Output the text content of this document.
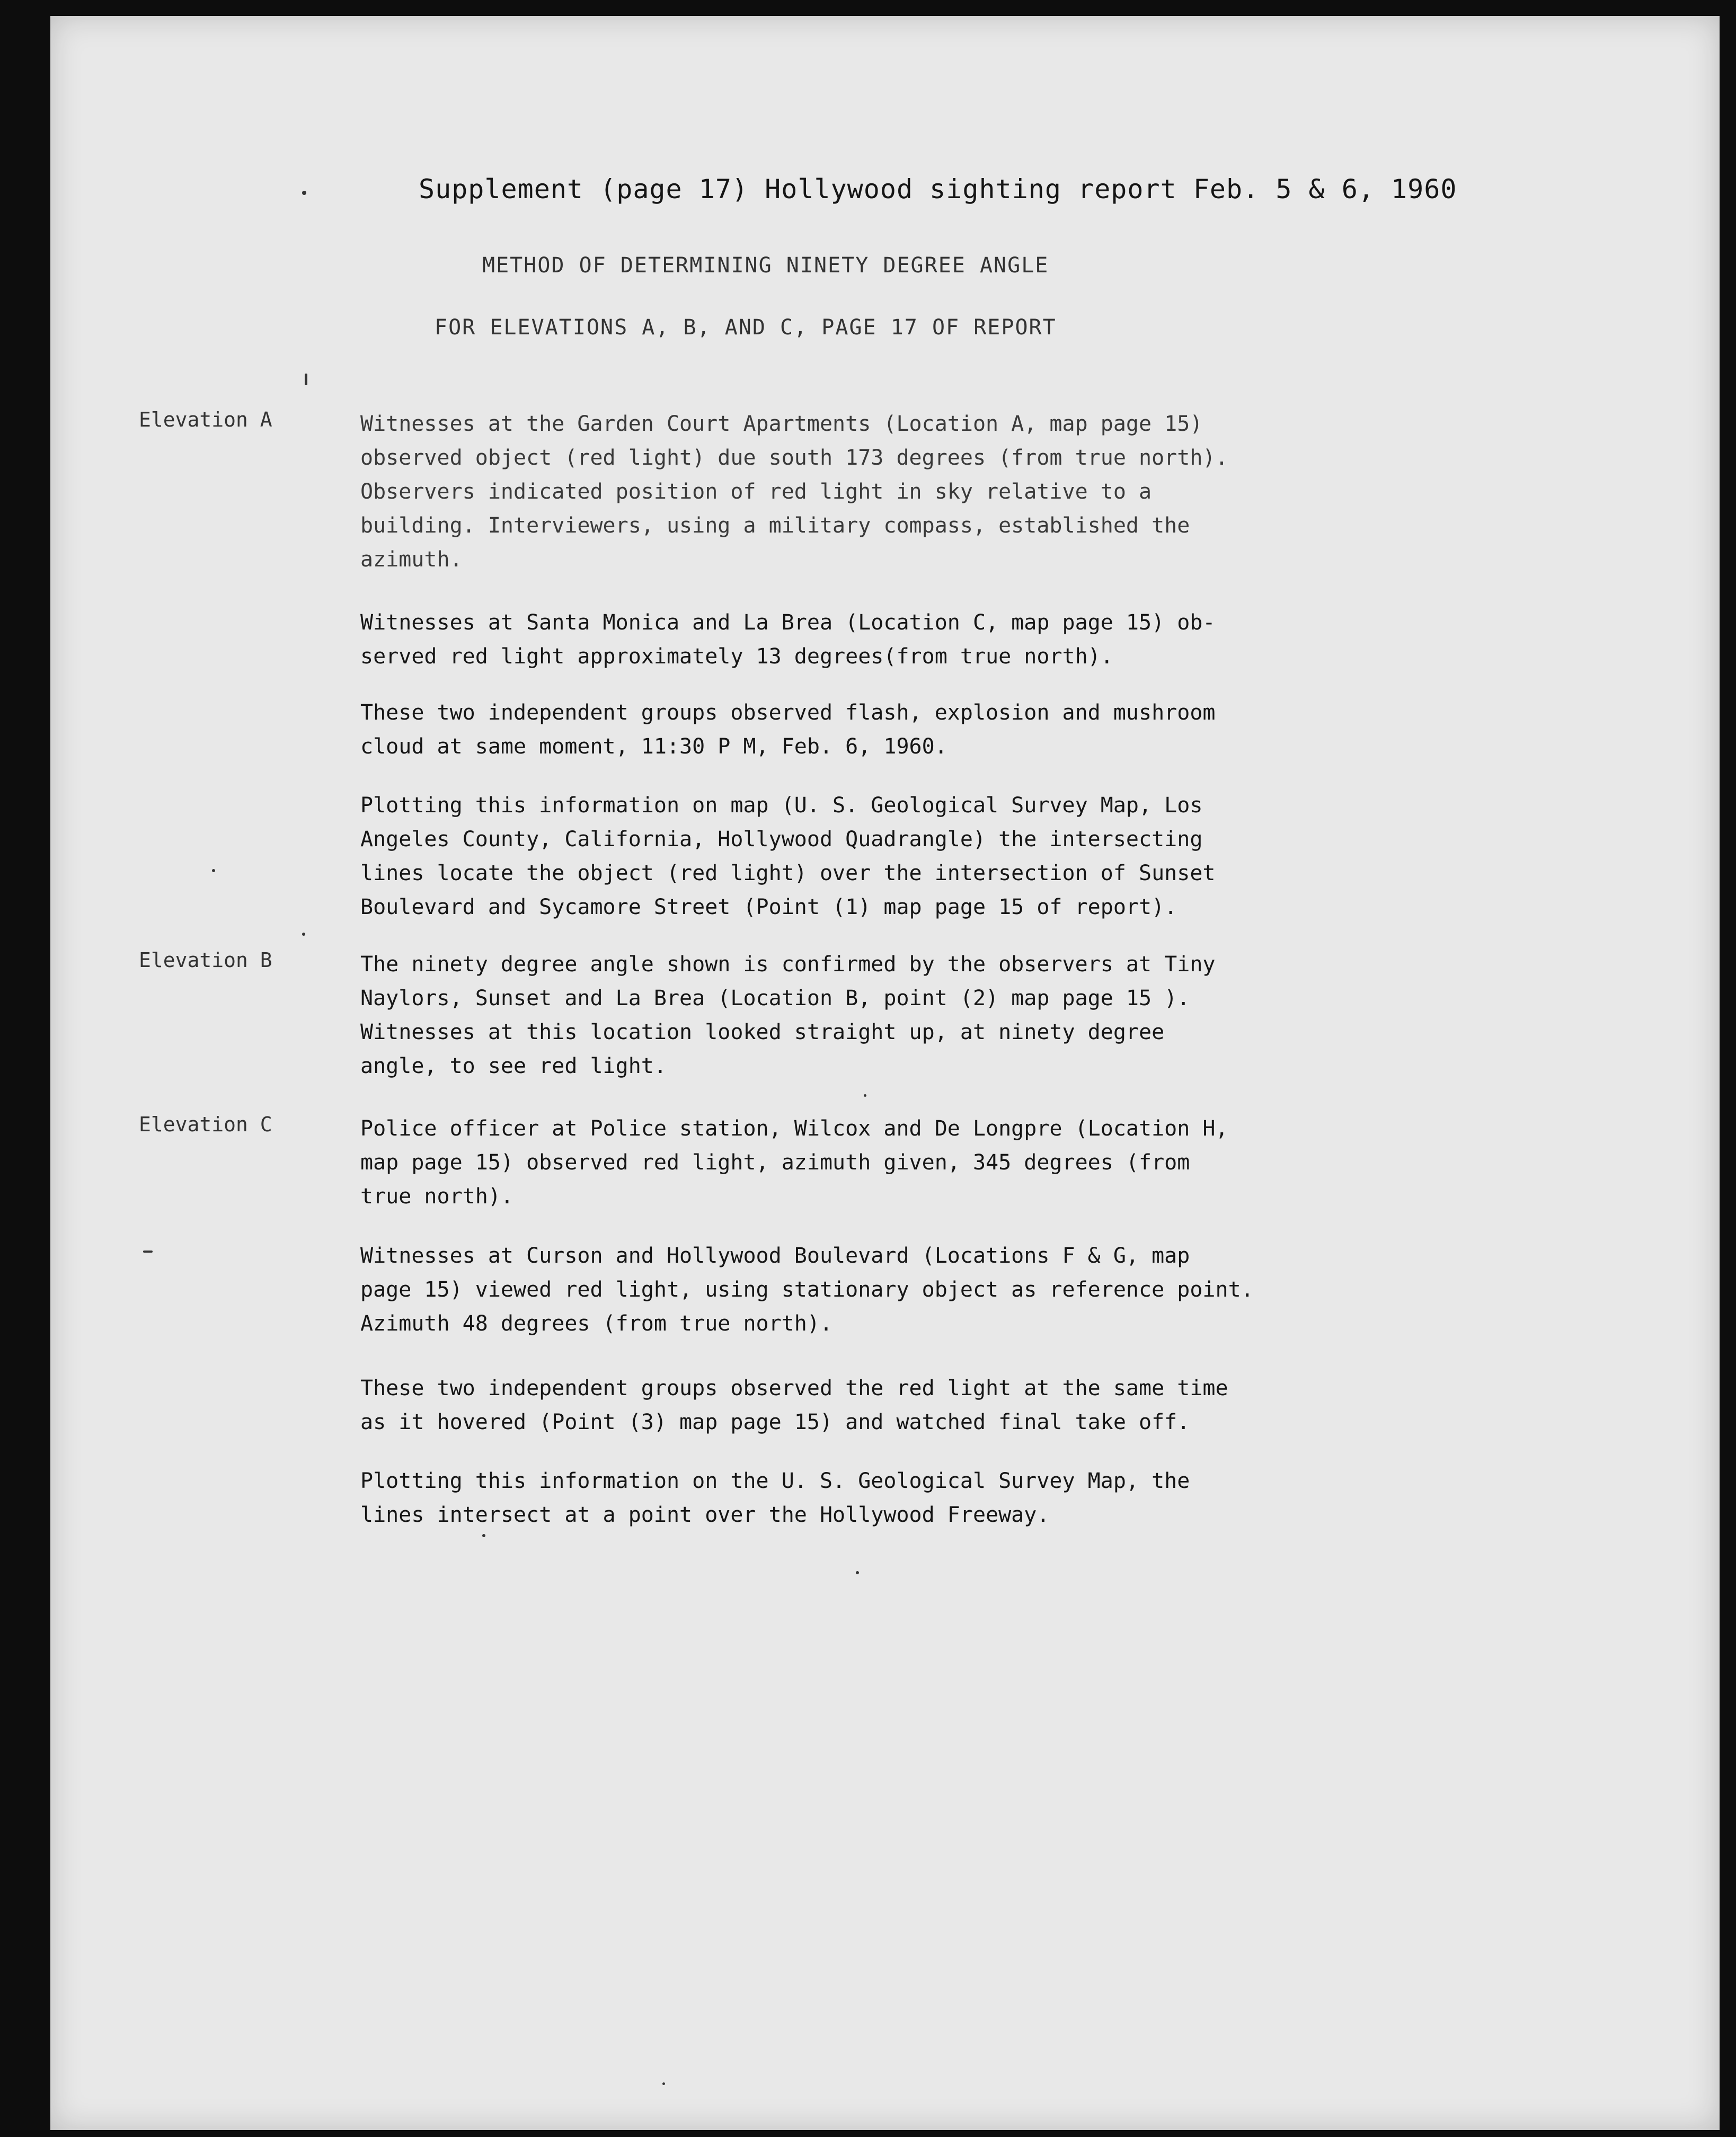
Supplement (page 17) Hollywood sighting report Feb. 5 & 6, 1960
METHOD OF DETERMINING NINETY DEGREE ANGLE
FOR ELEVATIONS A, B, AND C, PAGE 17 OF REPORT
Elevation A	Witnesses at the Garden Court Apartments (Location A, map page 15)
observed object (red light) due south 173 degrees (from true north).
Observers indicated position of red light in sky relative to a
building. Interviewers, using a military compass, established the
azimuth.
Witnesses at Santa Monica and La Brea (Location C, map page 15) ob-
served red light approximately 13 degrees(from true north).
These two independent groups observed flash, explosion and mushroom
cloud at same moment, 11:30 P M, Feb. 6, 1960.
Plotting this information on map (U. S. Geological Survey Map, Los
Angeles County, California, Hollywood Quadrangle) the intersecting
lines locate the object (red light) over the intersection of Sunset
Boulevard and Sycamore Street (Point (1) map page 15 of report).
Elevation B	The ninety degree angle shown is confirmed by the observers at Tiny
Naylors, Sunset and La Brea (Location B, point (2) map page 15 ).
Witnesses at this location looked straight up, at ninety degree
angle, to see red light.
Elevation C	Police officer at Police station, Wilcox and De Longpre (Location H,
map page 15) observed red light, azimuth given, 345 degrees (from
true north).
Witnesses at Curson and Hollywood Boulevard (Locations F & G, map
page 15) viewed red light, using stationary object as reference point.
Azimuth 48 degrees (from true north).
These two independent groups observed the red light at the same time
as it hovered (Point (3) map page 15) and watched final take off.
Plotting this information on the U. S. Geological Survey Map, the
lines intersect at a point over the Hollywood Freeway.
